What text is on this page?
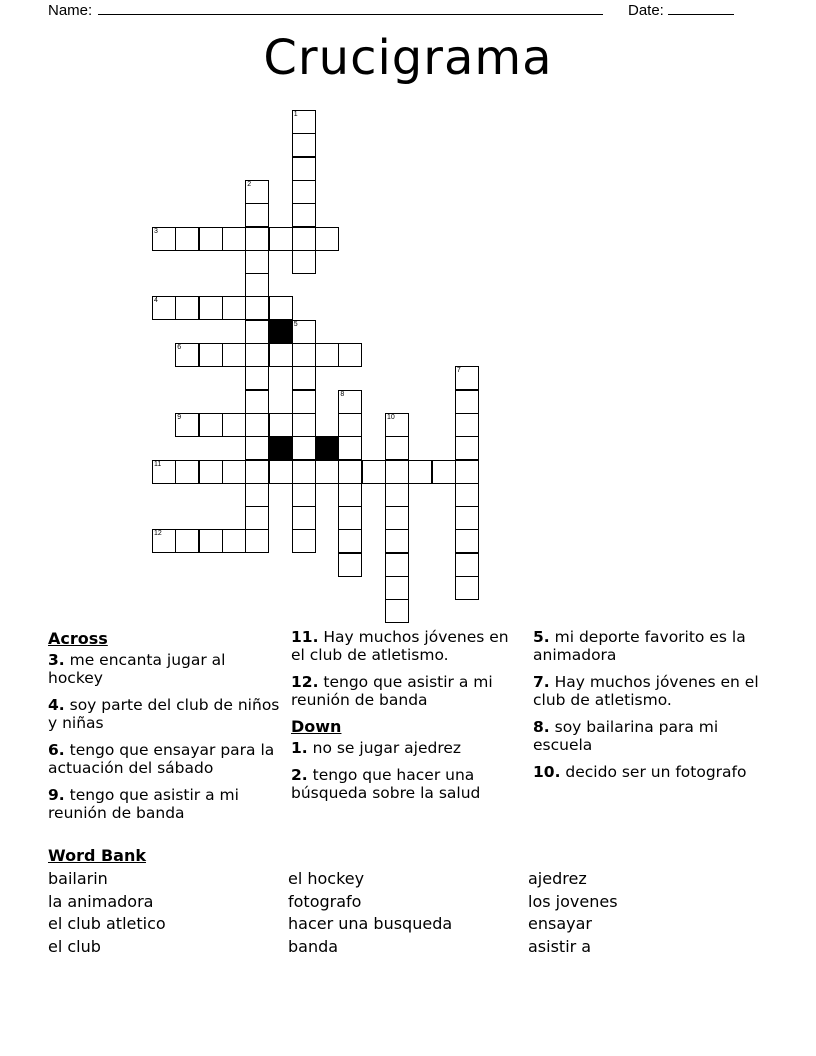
Name:	Date:
Crucigrama
1
2
3
4
5
6
7
8
9	10
11
12
Across
3. me encanta jugar al hockey
4. soy parte del club de niños y niñas
6. tengo que ensayar para la actuación del sábado
9. tengo que asistir a mi reunión de banda
11. Hay muchos jóvenes en el club de atletismo.
12. tengo que asistir a mi reunión de banda
Down
1. no se jugar ajedrez
2. tengo que hacer una búsqueda sobre la salud
5. mi deporte favorito es la animadora
7. Hay muchos jóvenes en el club de atletismo.
8. soy bailarina para mi escuela
10. decido ser un fotografo
Word Bank
bailarin
la animadora
el club atletico
el club
el hockey
fotografo
hacer una busqueda
banda
ajedrez
los jovenes
ensayar
asistir a
